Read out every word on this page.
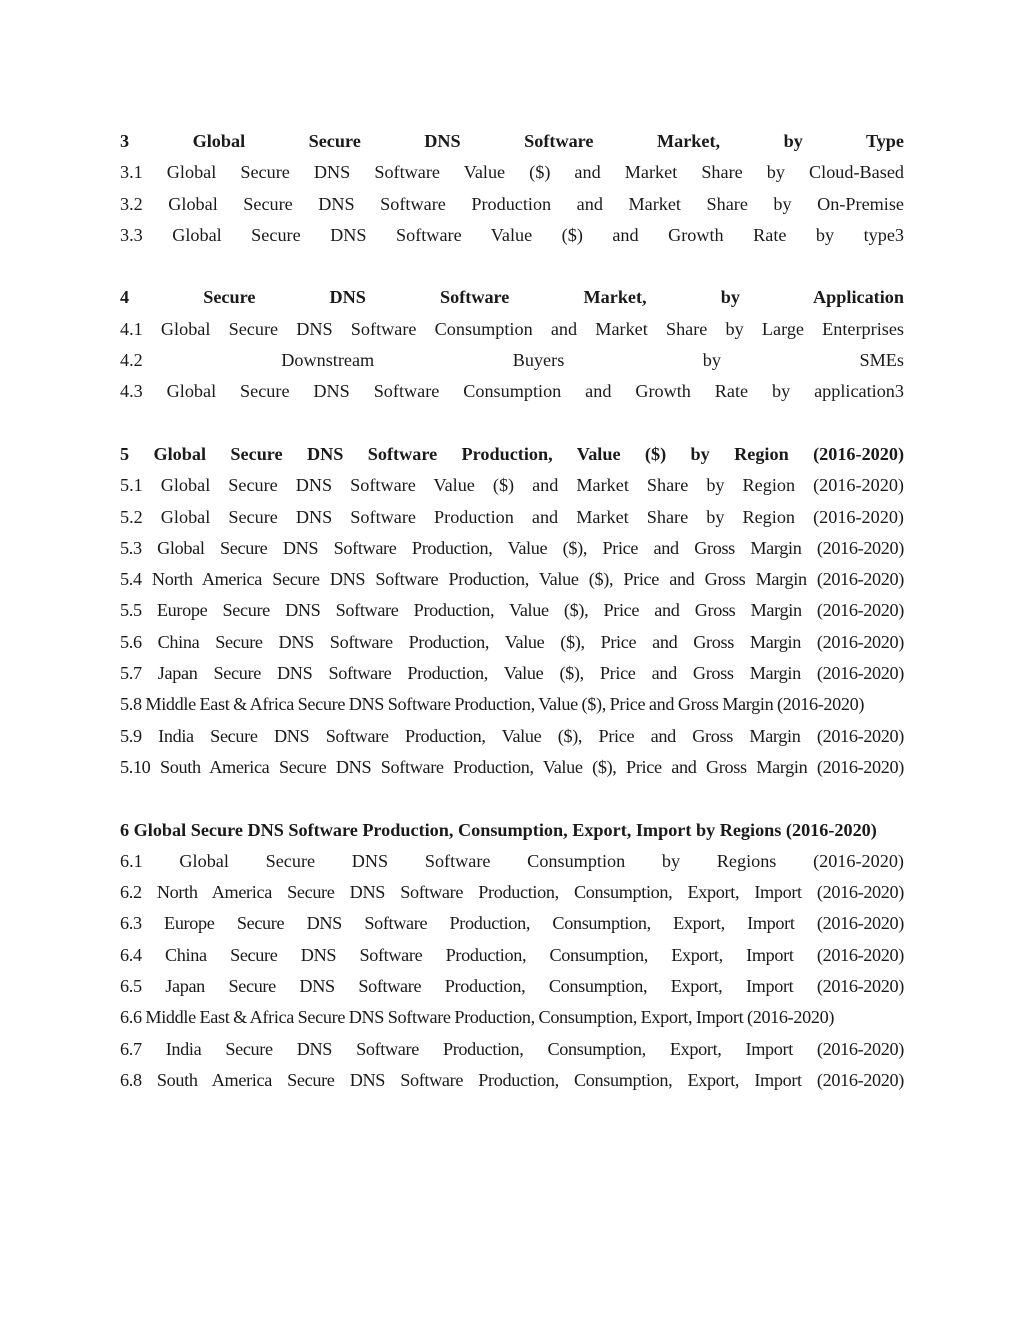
3 Global Secure DNS Software Market, by Type
3.1 Global Secure DNS Software Value ($) and Market Share by Cloud-Based
3.2 Global Secure DNS Software Production and Market Share by On-Premise
3.3 Global Secure DNS Software Value ($) and Growth Rate by type3
4 Secure DNS Software Market, by Application
4.1 Global Secure DNS Software Consumption and Market Share by Large Enterprises
4.2 Downstream Buyers by SMEs
4.3 Global Secure DNS Software Consumption and Growth Rate by application3
5 Global Secure DNS Software Production, Value ($) by Region (2016-2020)
5.1 Global Secure DNS Software Value ($) and Market Share by Region (2016-2020)
5.2 Global Secure DNS Software Production and Market Share by Region (2016-2020)
5.3 Global Secure DNS Software Production, Value ($), Price and Gross Margin (2016-2020)
5.4 North America Secure DNS Software Production, Value ($), Price and Gross Margin (2016-2020)
5.5 Europe Secure DNS Software Production, Value ($), Price and Gross Margin (2016-2020)
5.6 China Secure DNS Software Production, Value ($), Price and Gross Margin (2016-2020)
5.7 Japan Secure DNS Software Production, Value ($), Price and Gross Margin (2016-2020)
5.8 Middle East & Africa Secure DNS Software Production, Value ($), Price and Gross Margin (2016-2020)
5.9 India Secure DNS Software Production, Value ($), Price and Gross Margin (2016-2020)
5.10 South America Secure DNS Software Production, Value ($), Price and Gross Margin (2016-2020)
6 Global Secure DNS Software Production, Consumption, Export, Import by Regions (2016-2020)
6.1 Global Secure DNS Software Consumption by Regions (2016-2020)
6.2 North America Secure DNS Software Production, Consumption, Export, Import (2016-2020)
6.3 Europe Secure DNS Software Production, Consumption, Export, Import (2016-2020)
6.4 China Secure DNS Software Production, Consumption, Export, Import (2016-2020)
6.5 Japan Secure DNS Software Production, Consumption, Export, Import (2016-2020)
6.6 Middle East & Africa Secure DNS Software Production, Consumption, Export, Import (2016-2020)
6.7 India Secure DNS Software Production, Consumption, Export, Import (2016-2020)
6.8 South America Secure DNS Software Production, Consumption, Export, Import (2016-2020)
